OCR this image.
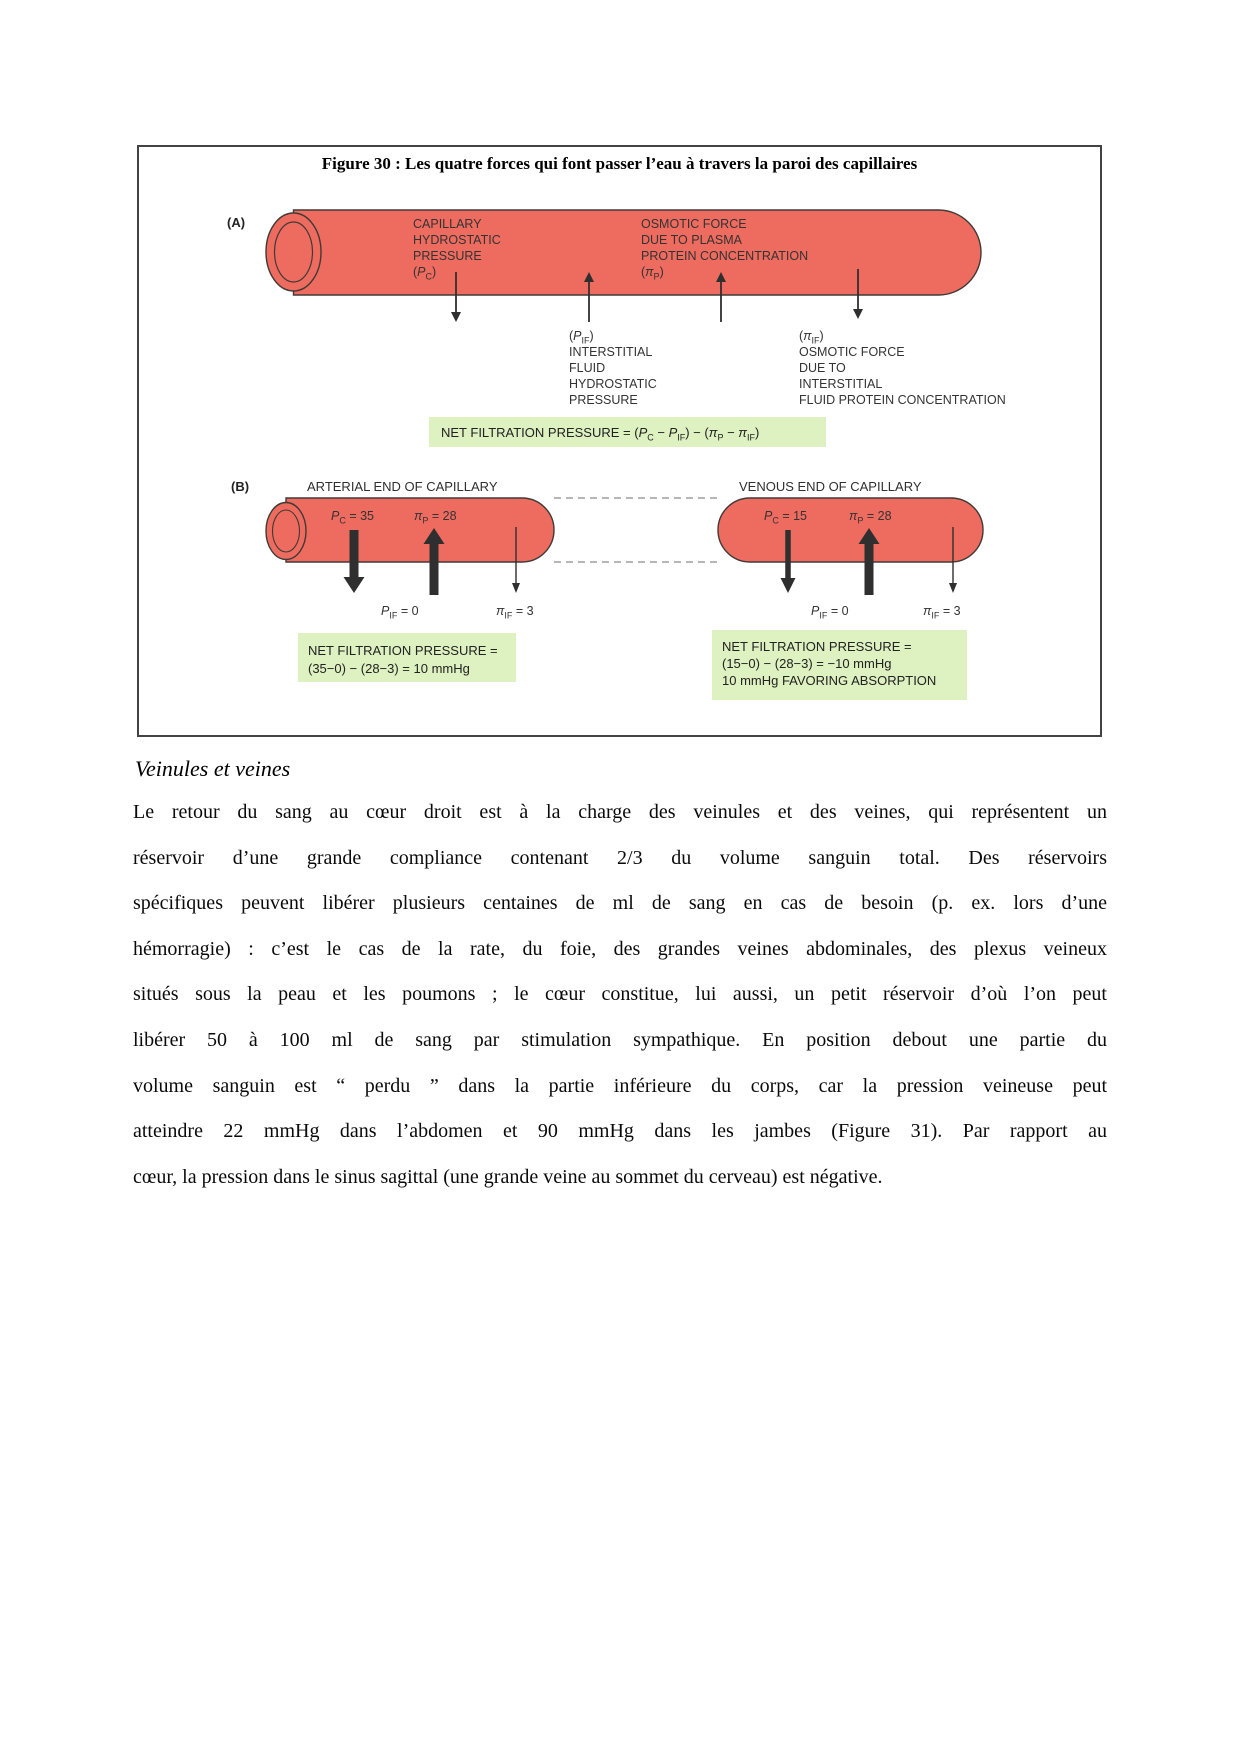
Figure 30 : Les quatre forces qui font passer l’eau à travers la paroi des capillaires
(A)	CAPILLARY
HYDROSTATIC
PRESSURE
$(P_C)$
OSMOTIC FORCE
DUE TO PLASMA
PROTEIN CONCENTRATION
$(\pi_P)$
$(P_{IF})$
INTERSTITIAL
FLUID
HYDROSTATIC
PRESSURE
$(\pi_{IF})$
OSMOTIC FORCE
DUE TO
INTERSTITIAL
FLUID PROTEIN CONCENTRATION
NET FILTRATION PRESSURE = $(P_C - P_{IF}) - (\pi_P - \pi_{IF})$
(B)	ARTERIAL END OF CAPILLARY	VENOUS END OF CAPILLARY
$P_C = 35$	$\pi_P = 28$
$P_{IF} = 0$	$\pi_{IF} = 3$
NET FILTRATION PRESSURE =
(35−0) − (28−3) = 10 mmHg
$P_C = 15$	$\pi_P = 28$
$P_{IF} = 0$	$\pi_{IF} = 3$
NET FILTRATION PRESSURE =
(15−0) − (28−3) = −10 mmHg
10 mmHg FAVORING ABSORPTION
Veinules et veines
Le retour du sang au cœur droit est à la charge des veinules et des veines, qui représentent un
réservoir d’une grande compliance contenant 2/3 du volume sanguin total. Des réservoirs
spécifiques peuvent libérer plusieurs centaines de ml de sang en cas de besoin (p. ex. lors d’une
hémorragie) : c’est le cas de la rate, du foie, des grandes veines abdominales, des plexus veineux
situés sous la peau et les poumons ; le cœur constitue, lui aussi, un petit réservoir d’où l’on peut
libérer 50 à 100 ml de sang par stimulation sympathique. En position debout une partie du
volume sanguin est “ perdu ” dans la partie inférieure du corps, car la pression veineuse peut
atteindre 22 mmHg dans l’abdomen et 90 mmHg dans les jambes (Figure 31). Par rapport au
cœur, la pression dans le sinus sagittal (une grande veine au sommet du cerveau) est négative.
